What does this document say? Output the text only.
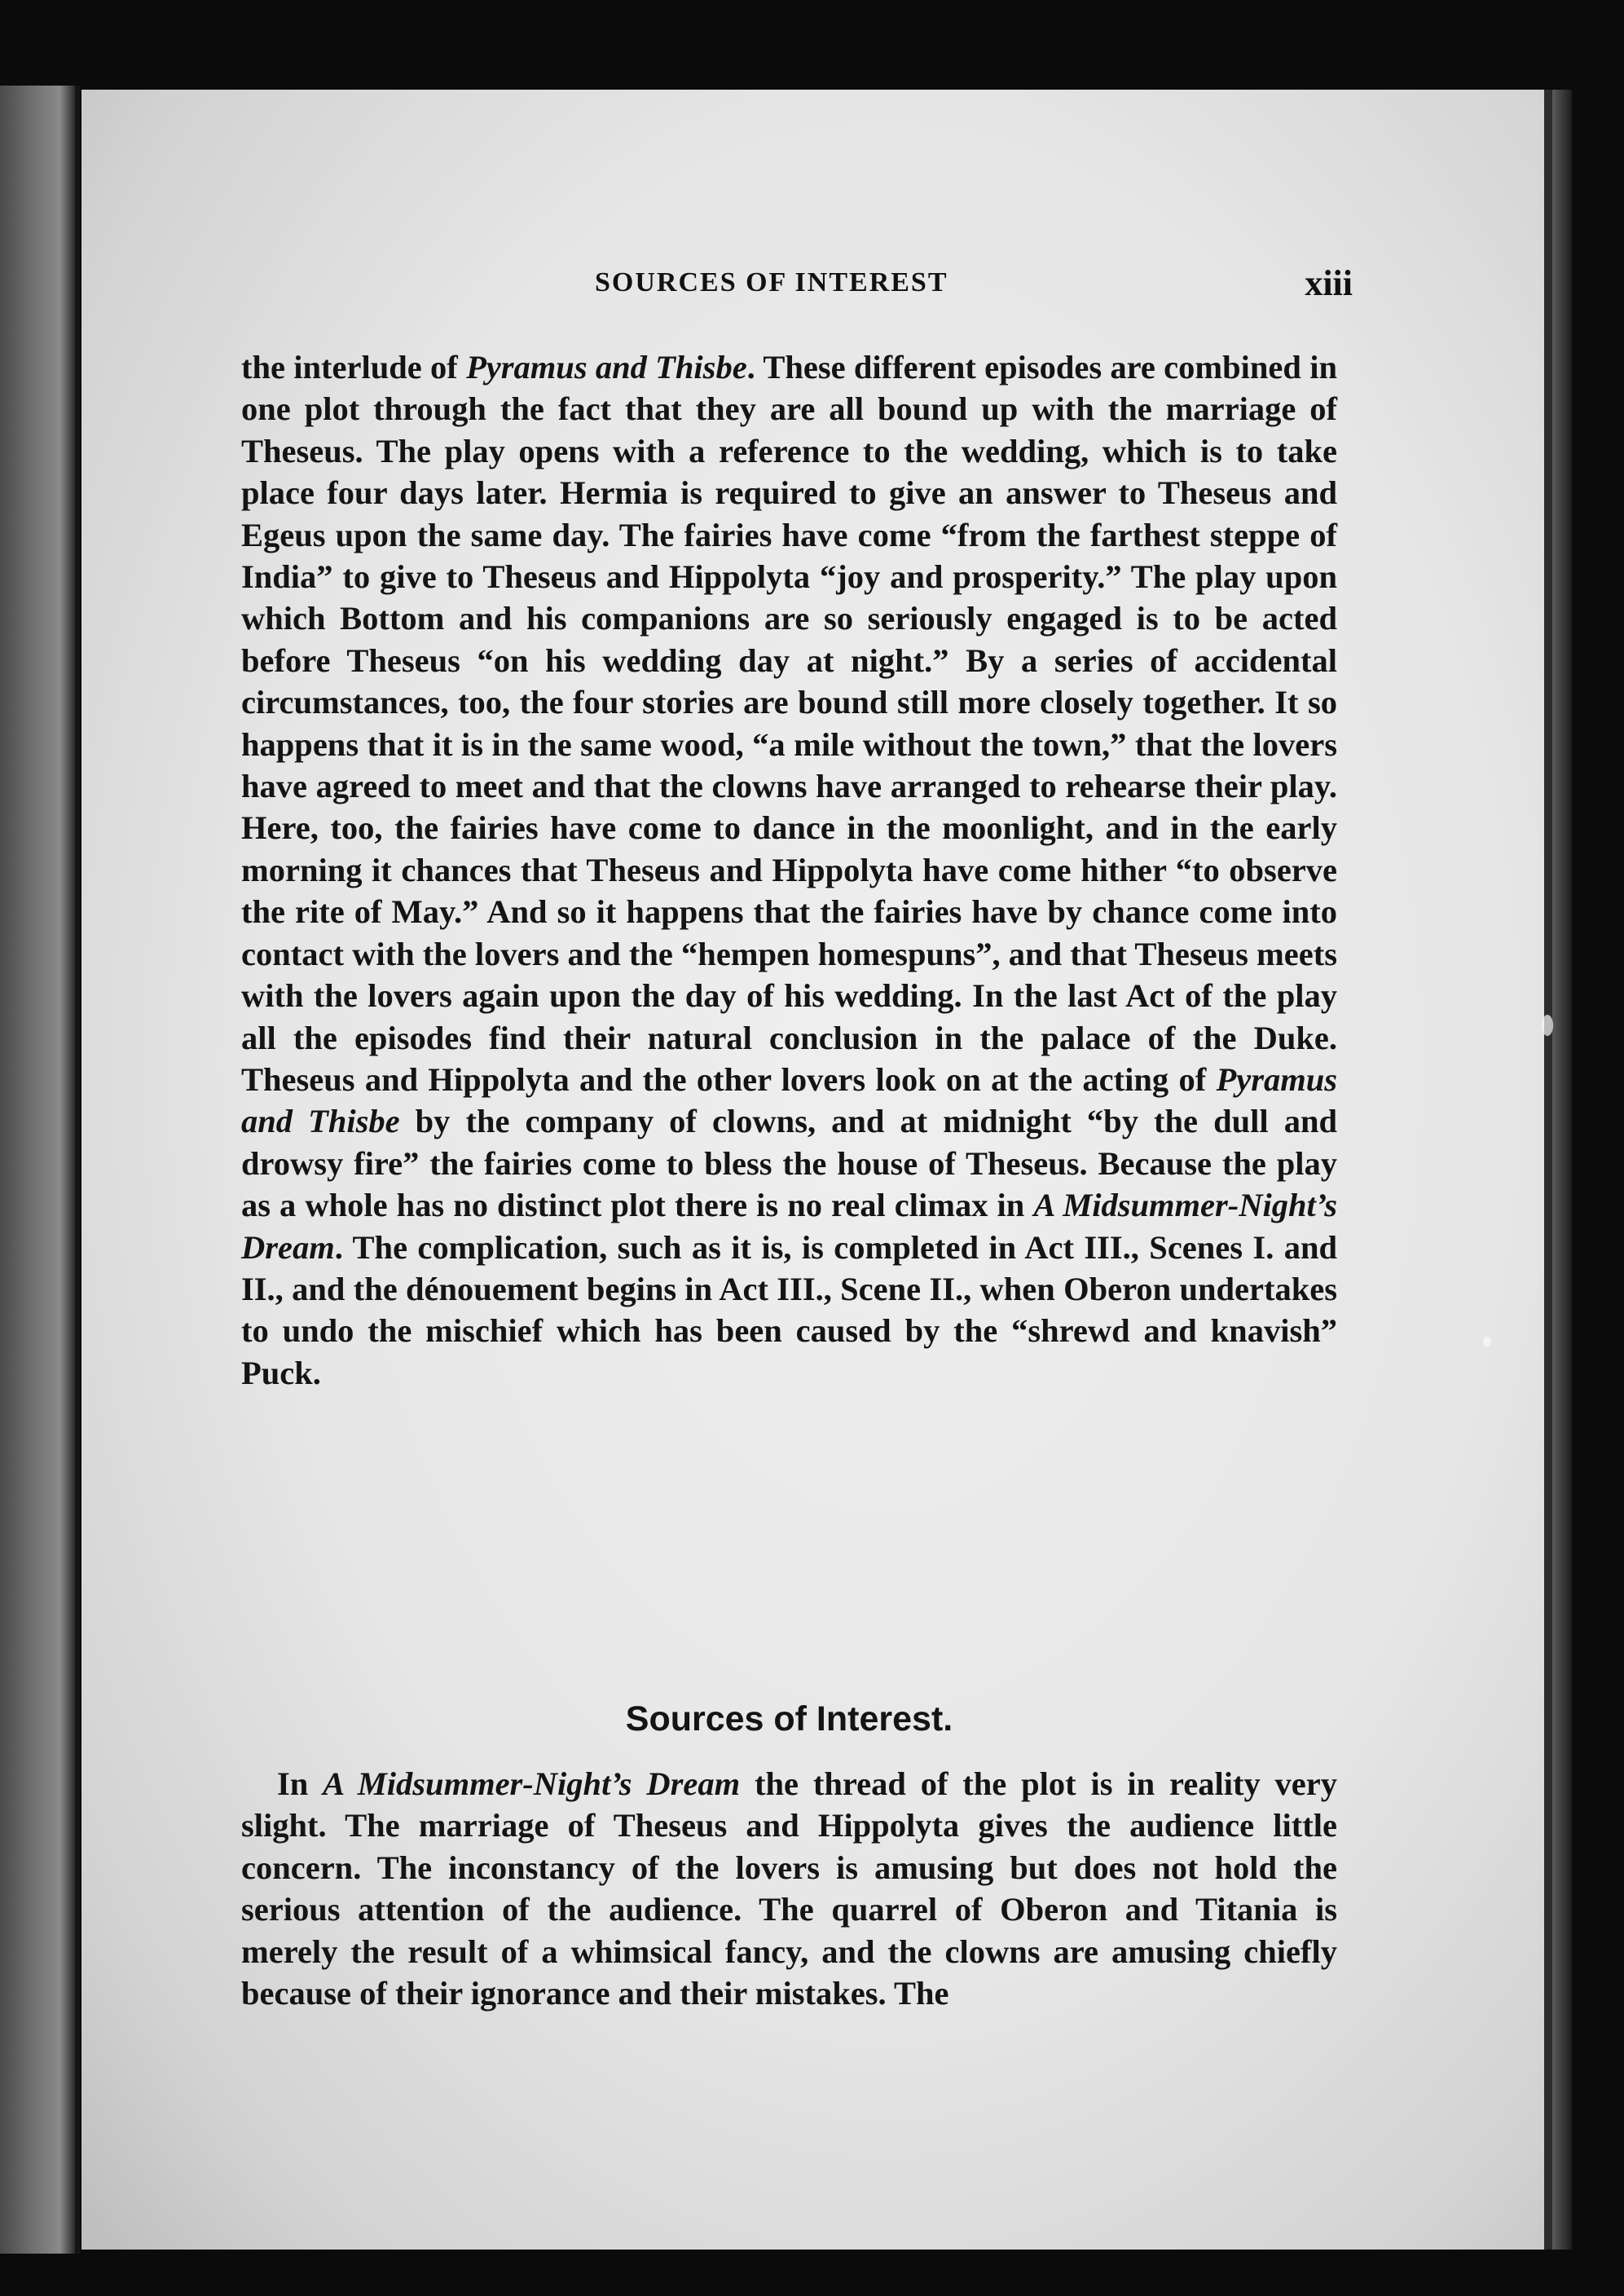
SOURCES OF INTEREST	xiii

the interlude of Pyramus and Thisbe. These different episodes are combined in one plot through the fact that they are all bound up with the marriage of Theseus. The play opens with a reference to the wedding, which is to take place four days later. Hermia is required to give an answer to Theseus and Egeus upon the same day. The fairies have come “from the farthest steppe of India” to give to Theseus and Hippolyta “joy and prosperity.” The play upon which Bottom and his companions are so seriously engaged is to be acted before Theseus “on his wedding day at night.” By a series of accidental circumstances, too, the four stories are bound still more closely together. It so happens that it is in the same wood, “a mile without the town,” that the lovers have agreed to meet and that the clowns have arranged to rehearse their play. Here, too, the fairies have come to dance in the moonlight, and in the early morning it chances that Theseus and Hippolyta have come hither “to observe the rite of May.” And so it happens that the fairies have by chance come into contact with the lovers and the “hempen homespuns”, and that Theseus meets with the lovers again upon the day of his wedding. In the last Act of the play all the episodes find their natural conclusion in the palace of the Duke. Theseus and Hippolyta and the other lovers look on at the acting of Pyramus and Thisbe by the company of clowns, and at midnight “by the dull and drowsy fire” the fairies come to bless the house of Theseus. Because the play as a whole has no distinct plot there is no real climax in A Midsummer-Night’s Dream. The complication, such as it is, is completed in Act III., Scenes I. and II., and the dénouement begins in Act III., Scene II., when Oberon undertakes to undo the mischief which has been caused by the “shrewd and knavish” Puck.

Sources of Interest.

In A Midsummer-Night’s Dream the thread of the plot is in reality very slight. The marriage of Theseus and Hippolyta gives the audience little concern. The inconstancy of the lovers is amusing but does not hold the serious attention of the audience. The quarrel of Oberon and Titania is merely the result of a whimsical fancy, and the clowns are amusing chiefly because of their ignorance and their mistakes. The
